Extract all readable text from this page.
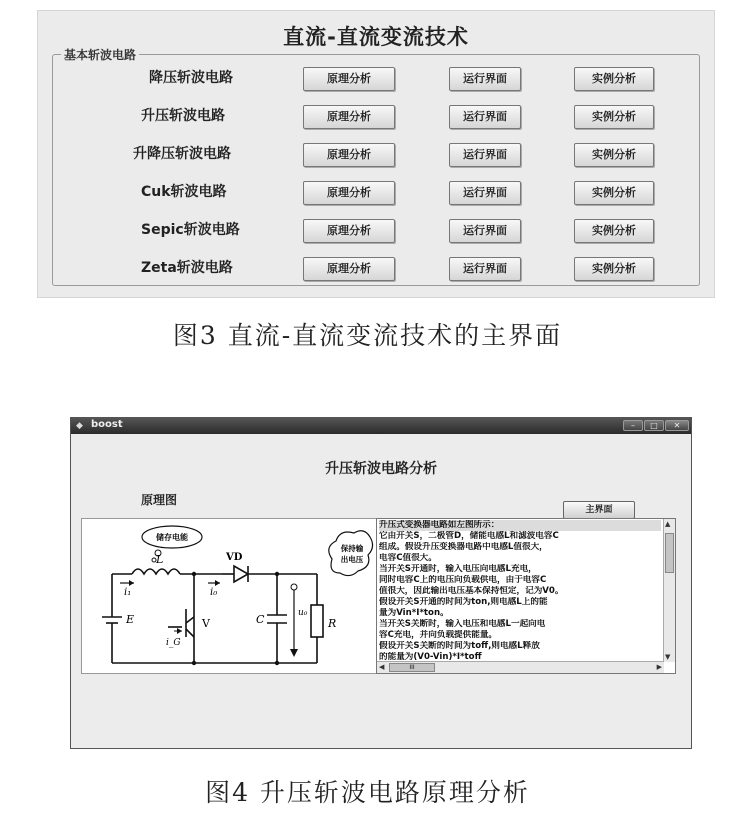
直流-直流变流技术
基本斩波电路
降压斩波电路	原理分析	运行界面	实例分析
升压斩波电路	原理分析	运行界面	实例分析
升降压斩波电路	原理分析	运行界面	实例分析
Cuk斩波电路	原理分析	运行界面	实例分析
Sepic斩波电路	原理分析	运行界面	实例分析
Zeta斩波电路	原理分析	运行界面	实例分析
图3 直流-直流变流技术的主界面
◆ boost	–	□	✕
升压斩波电路分析
原理图
主界面
储存电能
保持输
出电压
L
i₁
VD
i₀
E	V
i_G
C	R
u₀
升压式变换器电路如左图所示：
它由开关S，二极管D，储能电感L和滤波电容C
组成。假设升压变换器电路中电感L值很大，
电容C值很大。
当开关S开通时，输入电压向电感L充电，
同时电容C上的电压向负载供电，由于电容C
值很大，因此输出电压基本保持恒定，记为V0。
假设开关S开通的时间为ton,则电感L上的能
量为Vin*I*ton。
当开关S关断时，输入电压和电感L一起向电
容C充电，并向负载提供能量。
假设开关S关断的时间为toff,则电感L释放
的能量为(V0-Vin)*I*toff
▲
▼
◀	III	▶
图4 升压斩波电路原理分析
